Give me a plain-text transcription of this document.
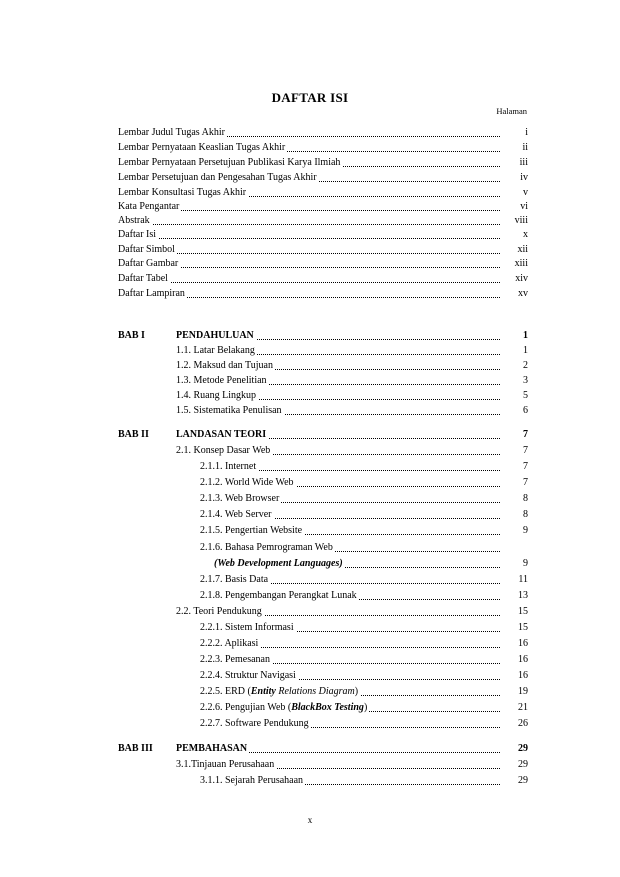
DAFTAR ISI
Halaman
Lembar Judul Tugas Akhir	i
Lembar Pernyataan Keaslian Tugas Akhir	ii
Lembar Pernyataan Persetujuan Publikasi Karya Ilmiah	iii
Lembar Persetujuan dan Pengesahan Tugas Akhir	iv
Lembar Konsultasi Tugas Akhir	v
Kata Pengantar	vi
Abstrak	viii
Daftar Isi	x
Daftar Simbol	xii
Daftar Gambar	xiii
Daftar Tabel	xiv
Daftar Lampiran	xv
BAB I	PENDAHULUAN	1
1.1. Latar Belakang	1
1.2. Maksud dan Tujuan	2
1.3. Metode Penelitian	3
1.4. Ruang Lingkup	5
1.5. Sistematika Penulisan	6
BAB II	LANDASAN TEORI	7
2.1. Konsep Dasar Web	7
2.1.1. Internet	7
2.1.2. World Wide Web	7
2.1.3. Web Browser	8
2.1.4. Web Server	8
2.1.5. Pengertian Website	9
2.1.6. Bahasa Pemrograman Web
(Web Development Languages)	9
2.1.7. Basis Data	11
2.1.8. Pengembangan Perangkat Lunak	13
2.2. Teori Pendukung	15
2.2.1. Sistem Informasi	15
2.2.2. Aplikasi	16
2.2.3. Pemesanan	16
2.2.4. Struktur Navigasi	16
2.2.5. ERD (Entity Relations Diagram)	19
2.2.6. Pengujian Web (BlackBox Testing)	21
2.2.7. Software Pendukung	26
BAB III PEMBAHASAN	29
3.1.Tinjauan Perusahaan	29
3.1.1. Sejarah Perusahaan	29
x
